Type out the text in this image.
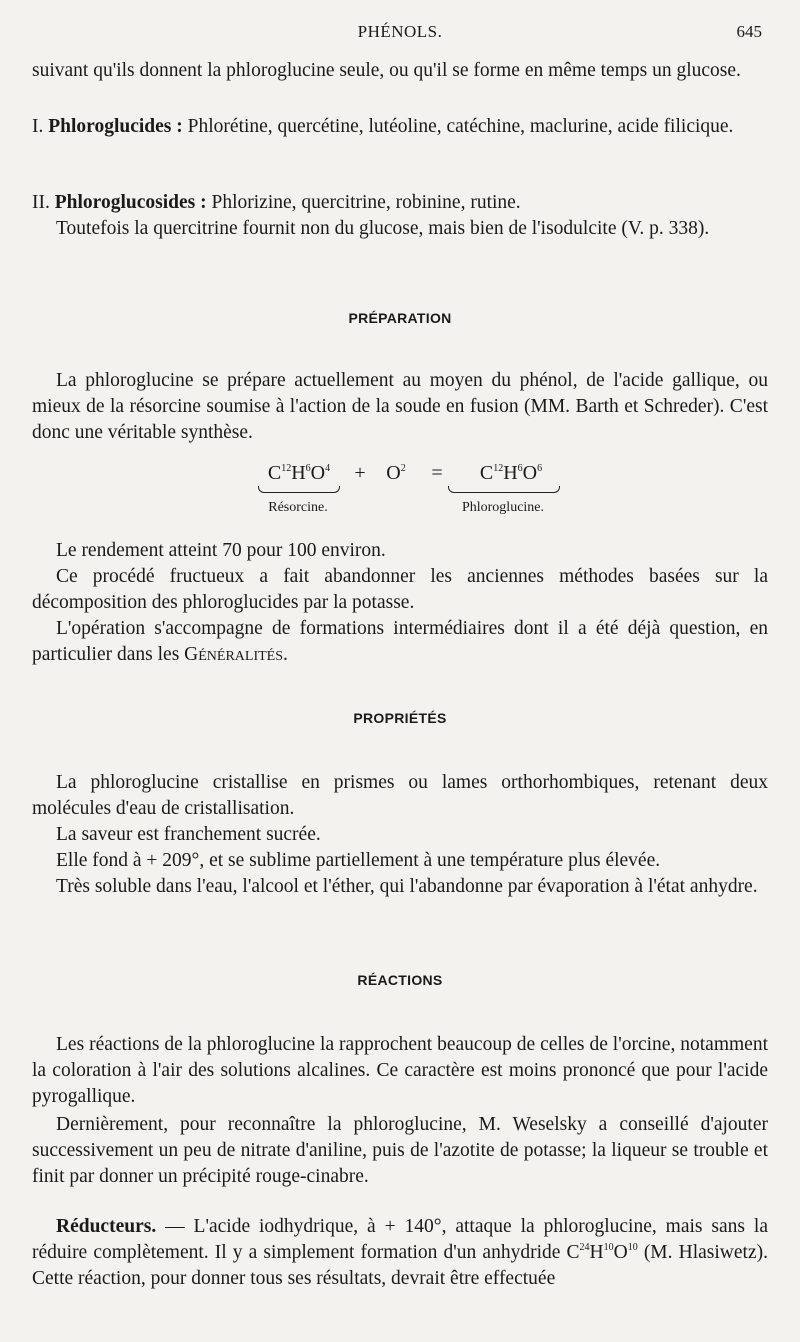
PHÉNOLS.	645
suivant qu'ils donnent la phloroglucine seule, ou qu'il se forme en même temps un glucose.
I. Phloroglucides : Phlorétine, quercétine, lutéoline, catéchine, maclurine, acide filicique.
II. Phloroglucosides : Phlorizine, quercitrine, robinine, rutine.
Toutefois la quercitrine fournit non du glucose, mais bien de l'isodulcite (V. p. 338).
PRÉPARATION
La phloroglucine se prépare actuellement au moyen du phénol, de l'acide gallique, ou mieux de la résorcine soumise à l'action de la soude en fusion (MM. Barth et Schreder). C'est donc une véritable synthèse.
$C^{12}H^6O^4$	+	$O^2$	=	$C^{12}H^6O^6$
Résorcine.	Phloroglucine.
Le rendement atteint 70 pour 100 environ.
Ce procédé fructueux a fait abandonner les anciennes méthodes basées sur la décomposition des phloroglucides par la potasse.
L'opération s'accompagne de formations intermédiaires dont il a été déjà question, en particulier dans les Généralités.
PROPRIÉTÉS
La phloroglucine cristallise en prismes ou lames orthorhombiques, retenant deux molécules d'eau de cristallisation.
La saveur est franchement sucrée.
Elle fond à + 209°, et se sublime partiellement à une température plus élevée.
Très soluble dans l'eau, l'alcool et l'éther, qui l'abandonne par évaporation à l'état anhydre.
RÉACTIONS
Les réactions de la phloroglucine la rapprochent beaucoup de celles de l'orcine, notamment la coloration à l'air des solutions alcalines. Ce caractère est moins prononcé que pour l'acide pyrogallique.
Dernièrement, pour reconnaître la phloroglucine, M. Weselsky a conseillé d'ajouter successivement un peu de nitrate d'aniline, puis de l'azotite de potasse; la liqueur se trouble et finit par donner un précipité rouge-cinabre.
Réducteurs. — L'acide iodhydrique, à + 140°, attaque la phloroglucine, mais sans la réduire complètement. Il y a simplement formation d'un anhydride $C^{24}H^{10}O^{10}$ (M. Hlasiwetz). Cette réaction, pour donner tous ses résultats, devrait être effectuée
